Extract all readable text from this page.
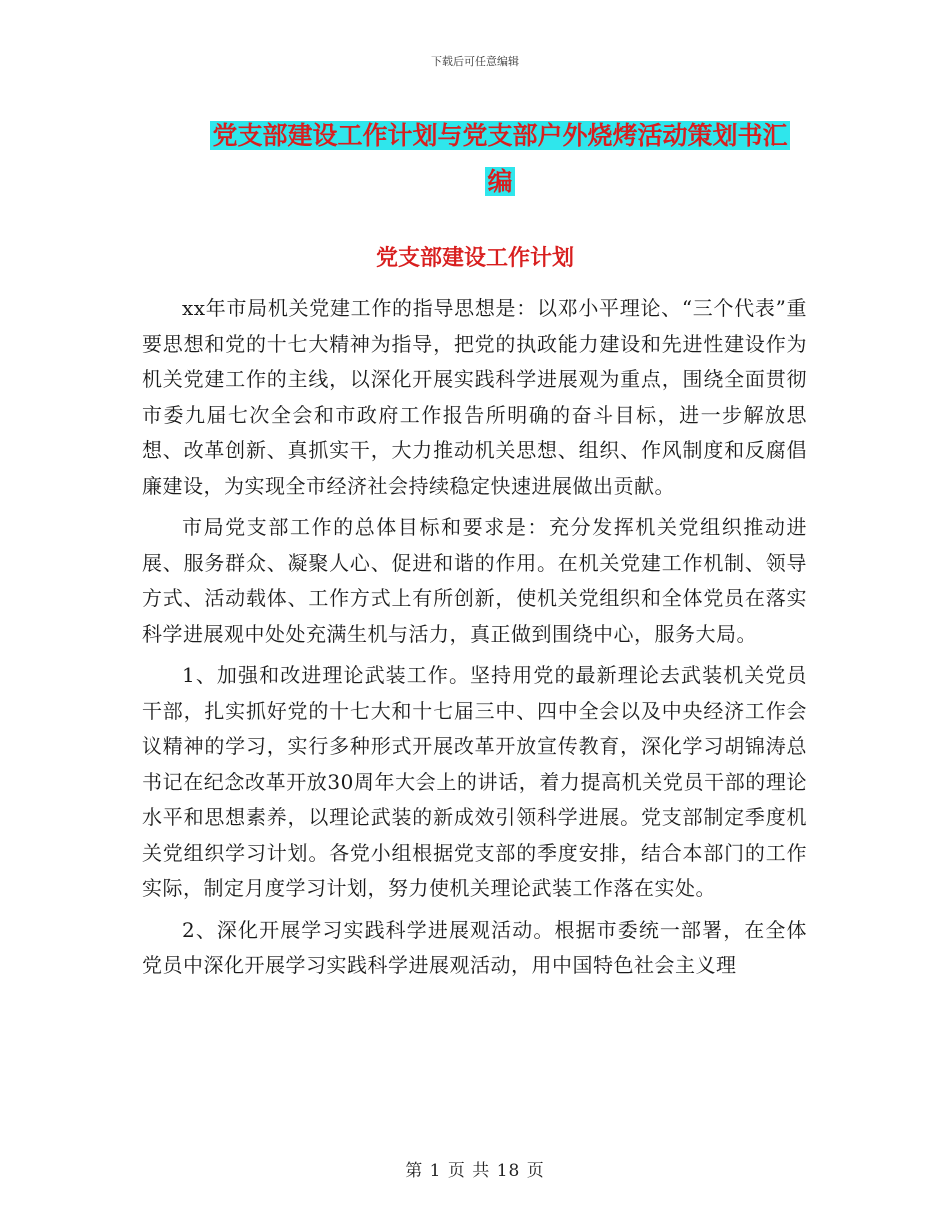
下载后可任意编辑
党支部建设工作计划与党支部户外烧烤活动策划书汇
编
党支部建设工作计划

xx年市局机关党建工作的指导思想是：以邓小平理论、“三个代表”重要思想和党的十七大精神为指导，把党的执政能力建设和先进性建设作为机关党建工作的主线，以深化开展实践科学进展观为重点，围绕全面贯彻市委九届七次全会和市政府工作报告所明确的奋斗目标，进一步解放思想、改革创新、真抓实干，大力推动机关思想、组织、作风制度和反腐倡廉建设，为实现全市经济社会持续稳定快速进展做出贡献。

市局党支部工作的总体目标和要求是：充分发挥机关党组织推动进展、服务群众、凝聚人心、促进和谐的作用。在机关党建工作机制、领导方式、活动载体、工作方式上有所创新，使机关党组织和全体党员在落实科学进展观中处处充满生机与活力，真正做到围绕中心，服务大局。

1、加强和改进理论武装工作。坚持用党的最新理论去武装机关党员干部，扎实抓好党的十七大和十七届三中、四中全会以及中央经济工作会议精神的学习，实行多种形式开展改革开放宣传教育，深化学习胡锦涛总书记在纪念改革开放30周年大会上的讲话，着力提高机关党员干部的理论水平和思想素养，以理论武装的新成效引领科学进展。党支部制定季度机关党组织学习计划。各党小组根据党支部的季度安排，结合本部门的工作实际，制定月度学习计划，努力使机关理论武装工作落在实处。

2、深化开展学习实践科学进展观活动。根据市委统一部署，在全体党员中深化开展学习实践科学进展观活动，用中国特色社会主义理

第 1 页 共 18 页
